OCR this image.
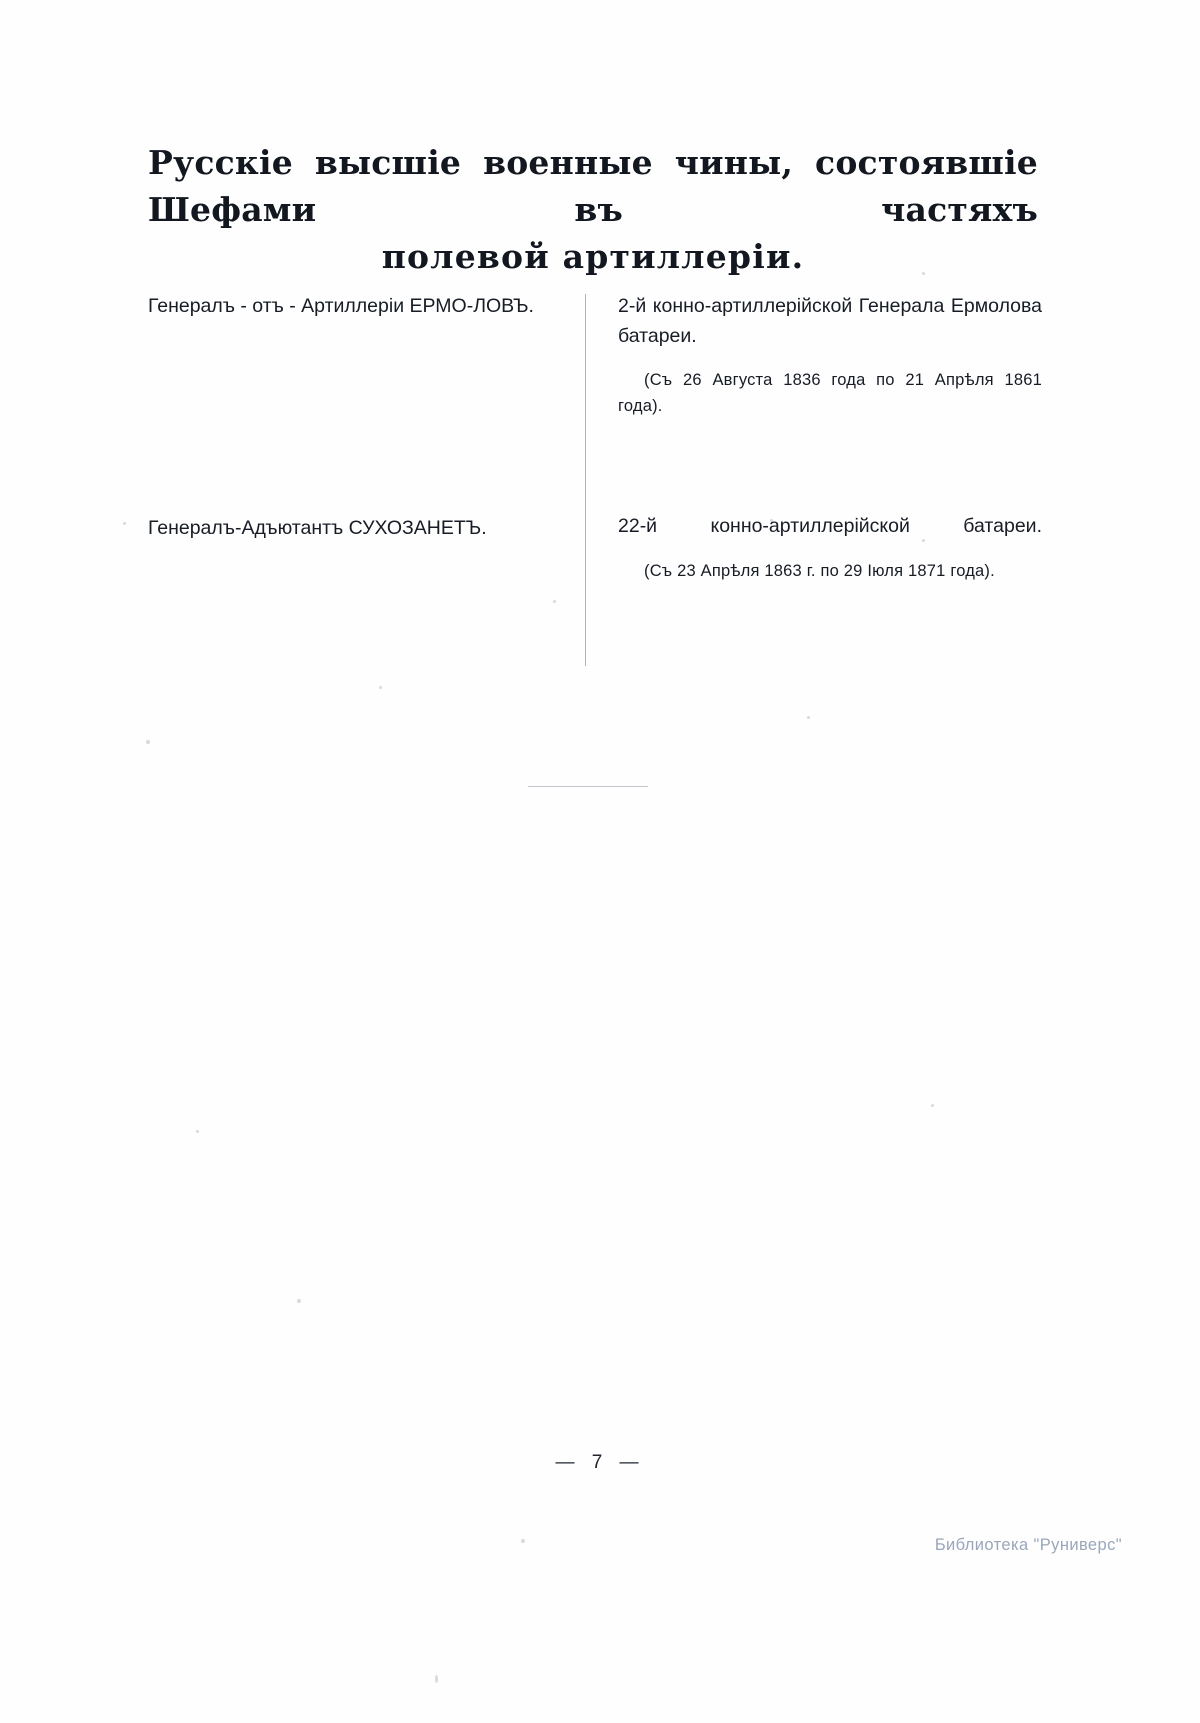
Русскіе высшіе военные чины, состоявшіе Шефами въ частяхъ
полевой артиллеріи.
Генералъ - отъ - Артиллеріи ЕРМО-ЛОВЪ.	2-й конно-артиллерійской Генерала Ермолова батареи.
(Съ 26 Августа 1836 года по 21 Апрѣля 1861 года).
Генералъ-Адъютантъ СУХОЗАНЕТЪ.	22-й конно-артиллерійской батареи.
(Съ 23 Апрѣля 1863 г. по 29 Іюля 1871 года).
— 7 —
Библиотека "Руниверс"
